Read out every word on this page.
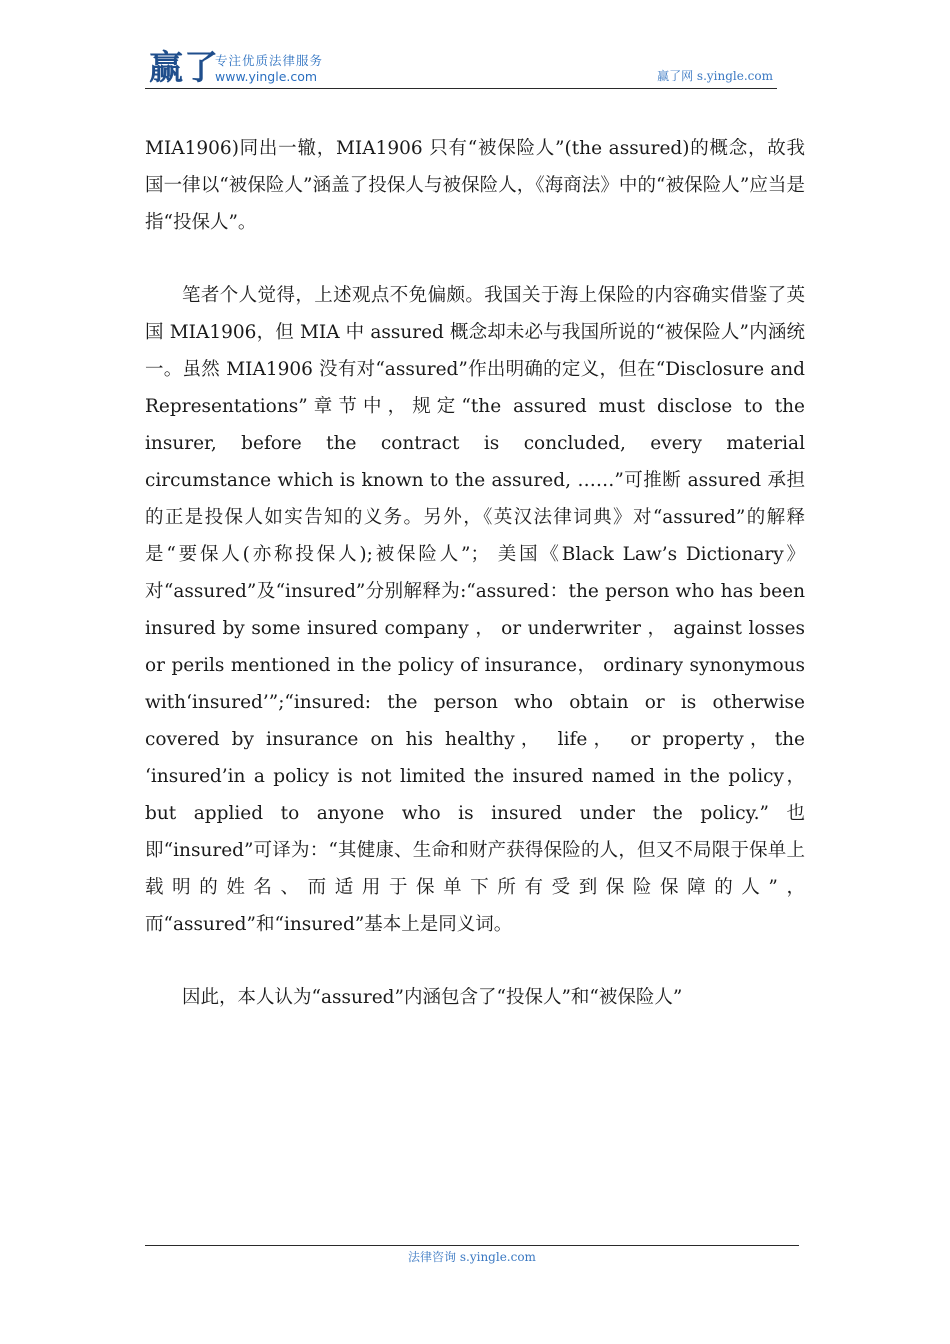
赢了
专注优质法律服务
www.yingle.com	赢了网 s.yingle.com

MIA1906)同出一辙，MIA1906 只有“被保险人”(the assured)的概念，故我国一律以“被保险人”涵盖了投保人与被保险人，《海商法》中的“被保险人”应当是指“投保人”。

笔者个人觉得，上述观点不免偏颇。我国关于海上保险的内容确实借鉴了英国 MIA1906，但 MIA 中 assured 概念却未必与我国所说的“被保险人”内涵统一。虽然 MIA1906 没有对“assured”作出明确的定义，但在“Disclosure and Representations”章节中，规定“the assured must disclose to the insurer, before the contract is concluded, every material circumstance which is known to the assured, ……”可推断 assured 承担的正是投保人如实告知的义务。另外，《英汉法律词典》对“assured”的解释是“要保人(亦称投保人);被保险人”； 美国《Black Law’s Dictionary》对“assured”及“insured”分别解释为:“assured：the person who has been insured by some insured company ， or underwriter ， against losses or perils mentioned in the policy of insurance， ordinary synonymous with‘insured’”;“insured: the person who obtain or is otherwise covered by insurance on his healthy， life， or property，the ‘insured’in a policy is not limited the insured named in the policy， but applied to anyone who is insured under the policy.” 也即“insured”可译为：“其健康、生命和财产获得保险的人，但又不局限于保单上载明的姓名、而适用于保单下所有受到保险保障的人”，而“assured”和“insured”基本上是同义词。

因此，本人认为“assured”内涵包含了“投保人”和“被保险人”

法律咨询 s.yingle.com
